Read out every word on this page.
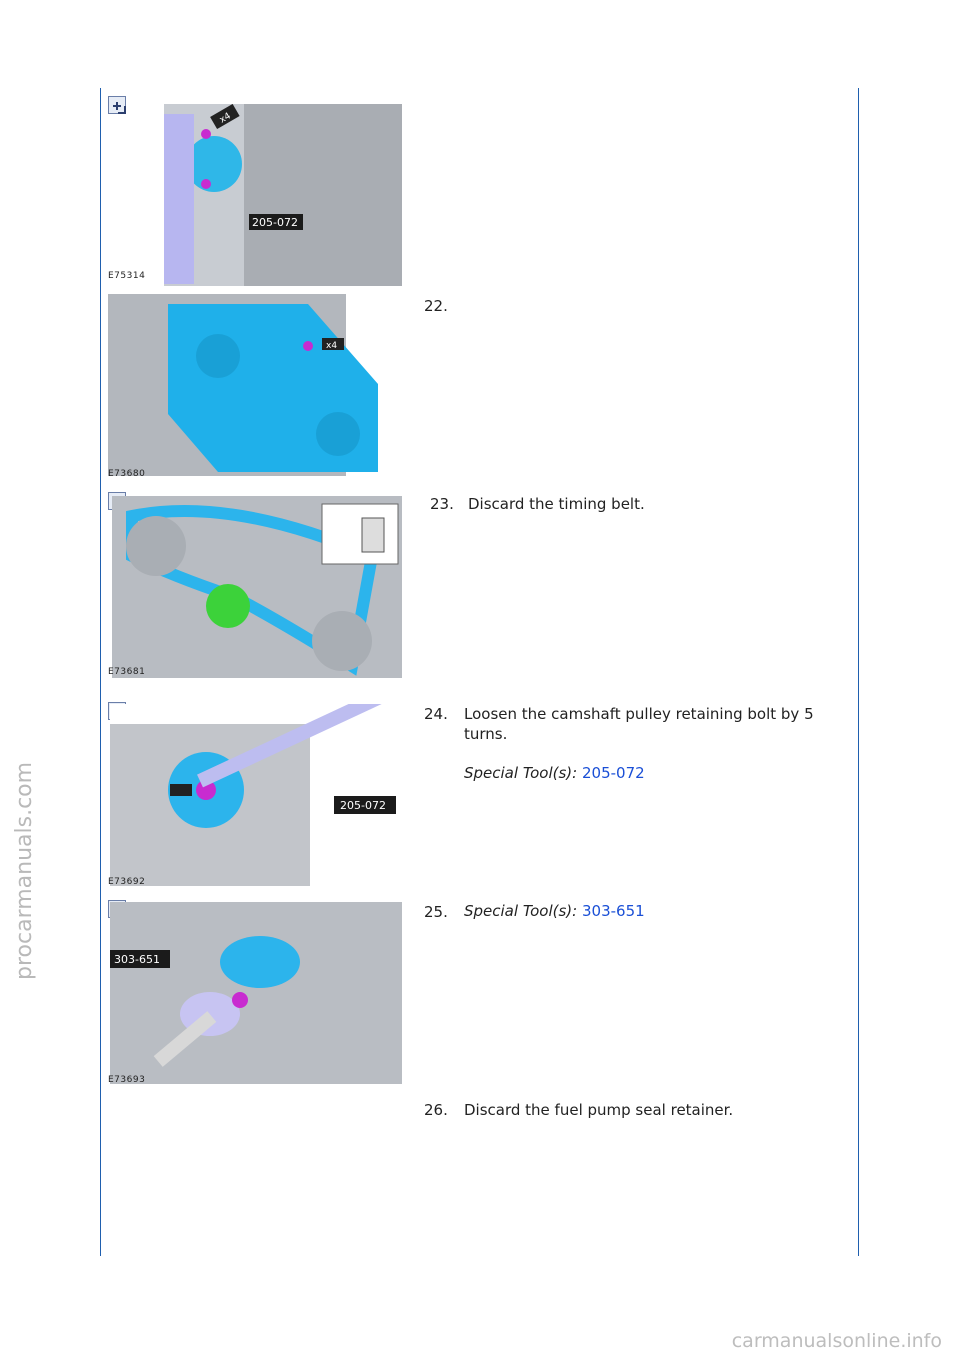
x4
205-072
E75314
x4
E73680
E73681
205-072
E73692
303-651
E73693
22.
23. Discard the timing belt.
24. Loosen the camshaft pulley retaining bolt by 5 turns.
Special Tool(s): 205-072
25.	Special Tool(s): 303-651
26. Discard the fuel pump seal retainer.
procarmanuals.com
carmanualsonline.info
